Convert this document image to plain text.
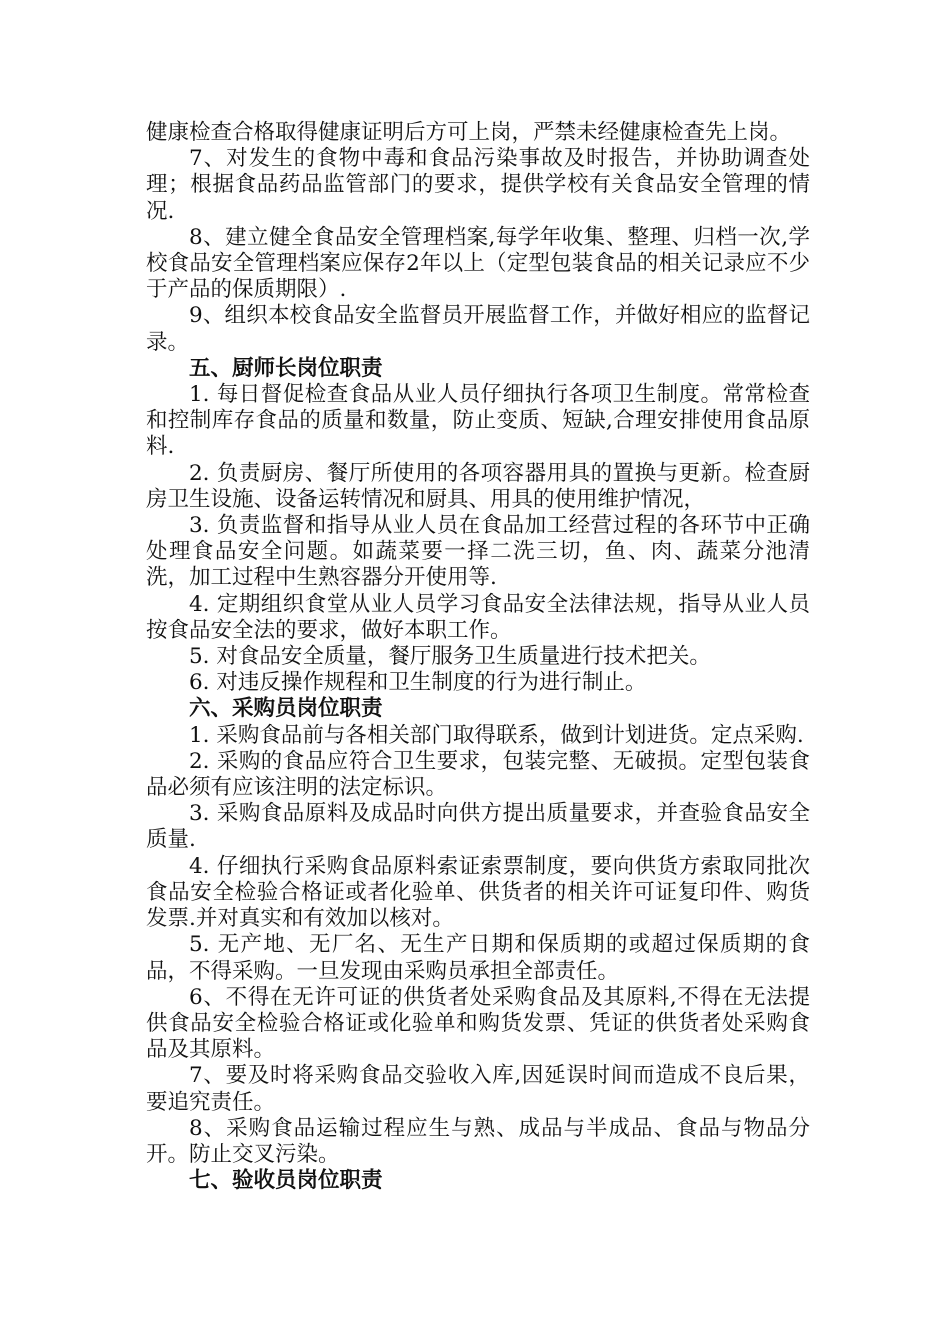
健康检查合格取得健康证明后方可上岗，严禁未经健康检查先上岗。

7、对发生的食物中毒和食品污染事故及时报告，并协助调查处理；根据食品药品监管部门的要求，提供学校有关食品安全管理的情况.

8、建立健全食品安全管理档案,每学年收集、整理、归档一次,学校食品安全管理档案应保存2年以上（定型包装食品的相关记录应不少于产品的保质期限）.

9、组织本校食品安全监督员开展监督工作，并做好相应的监督记录。

五、厨师长岗位职责

1. 每日督促检查食品从业人员仔细执行各项卫生制度。常常检查和控制库存食品的质量和数量，防止变质、短缺,合理安排使用食品原料.

2. 负责厨房、餐厅所使用的各项容器用具的置换与更新。检查厨房卫生设施、设备运转情况和厨具、用具的使用维护情况，

3. 负责监督和指导从业人员在食品加工经营过程的各环节中正确处理食品安全问题。如蔬菜要一择二洗三切，鱼、肉、蔬菜分池清洗，加工过程中生熟容器分开使用等.

4. 定期组织食堂从业人员学习食品安全法律法规，指导从业人员按食品安全法的要求，做好本职工作。

5. 对食品安全质量，餐厅服务卫生质量进行技术把关。

6. 对违反操作规程和卫生制度的行为进行制止。

六、采购员岗位职责

1. 采购食品前与各相关部门取得联系，做到计划进货。定点采购.

2. 采购的食品应符合卫生要求，包装完整、无破损。定型包装食品必须有应该注明的法定标识。

3. 采购食品原料及成品时向供方提出质量要求，并查验食品安全质量.

4. 仔细执行采购食品原料索证索票制度，要向供货方索取同批次食品安全检验合格证或者化验单、供货者的相关许可证复印件、购货发票.并对真实和有效加以核对。

5. 无产地、无厂名、无生产日期和保质期的或超过保质期的食品，不得采购。一旦发现由采购员承担全部责任。

6、不得在无许可证的供货者处采购食品及其原料,不得在无法提供食品安全检验合格证或化验单和购货发票、凭证的供货者处采购食品及其原料。

7、要及时将采购食品交验收入库,因延误时间而造成不良后果，要追究责任。

8、采购食品运输过程应生与熟、成品与半成品、食品与物品分开。防止交叉污染。

七、验收员岗位职责
